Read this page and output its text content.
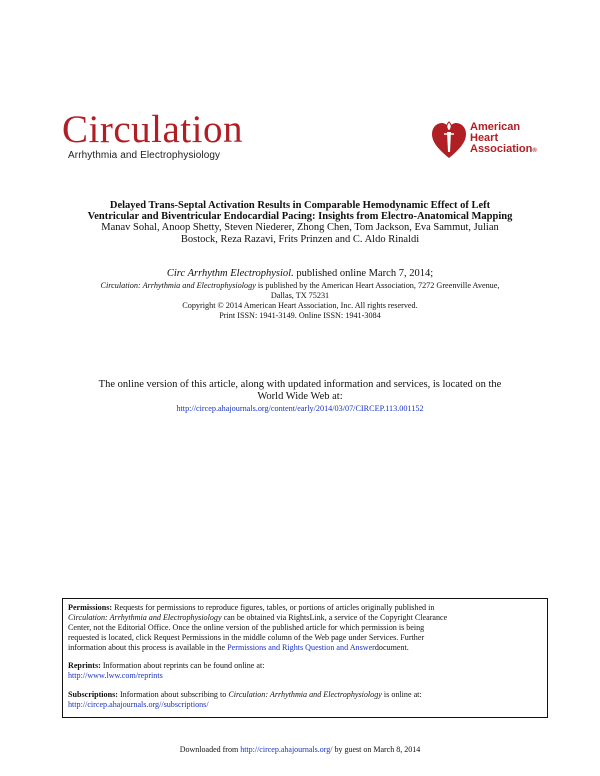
Circulation
Arrhythmia and Electrophysiology
American
Heart
Association®
Delayed Trans-Septal Activation Results in Comparable Hemodynamic Effect of Left
Ventricular and Biventricular Endocardial Pacing: Insights from Electro-Anatomical Mapping
Manav Sohal, Anoop Shetty, Steven Niederer, Zhong Chen, Tom Jackson, Eva Sammut, Julian
Bostock, Reza Razavi, Frits Prinzen and C. Aldo Rinaldi
Circ Arrhythm Electrophysiol. published online March 7, 2014;
Circulation: Arrhythmia and Electrophysiology is published by the American Heart Association, 7272 Greenville Avenue,
Dallas, TX 75231
Copyright © 2014 American Heart Association, Inc. All rights reserved.
Print ISSN: 1941-3149. Online ISSN: 1941-3084
The online version of this article, along with updated information and services, is located on the
World Wide Web at:
http://circep.ahajournals.org/content/early/2014/03/07/CIRCEP.113.001152
Permissions: Requests for permissions to reproduce figures, tables, or portions of articles originally published in
Circulation: Arrhythmia and Electrophysiology can be obtained via RightsLink, a service of the Copyright Clearance
Center, not the Editorial Office. Once the online version of the published article for which permission is being
requested is located, click Request Permissions in the middle column of the Web page under Services. Further
information about this process is available in the Permissions and Rights Question and Answerdocument.
Reprints: Information about reprints can be found online at:
http://www.lww.com/reprints
Subscriptions: Information about subscribing to Circulation: Arrhythmia and Electrophysiology is online at:
http://circep.ahajournals.org//subscriptions/
Downloaded from http://circep.ahajournals.org/ by guest on March 8, 2014
